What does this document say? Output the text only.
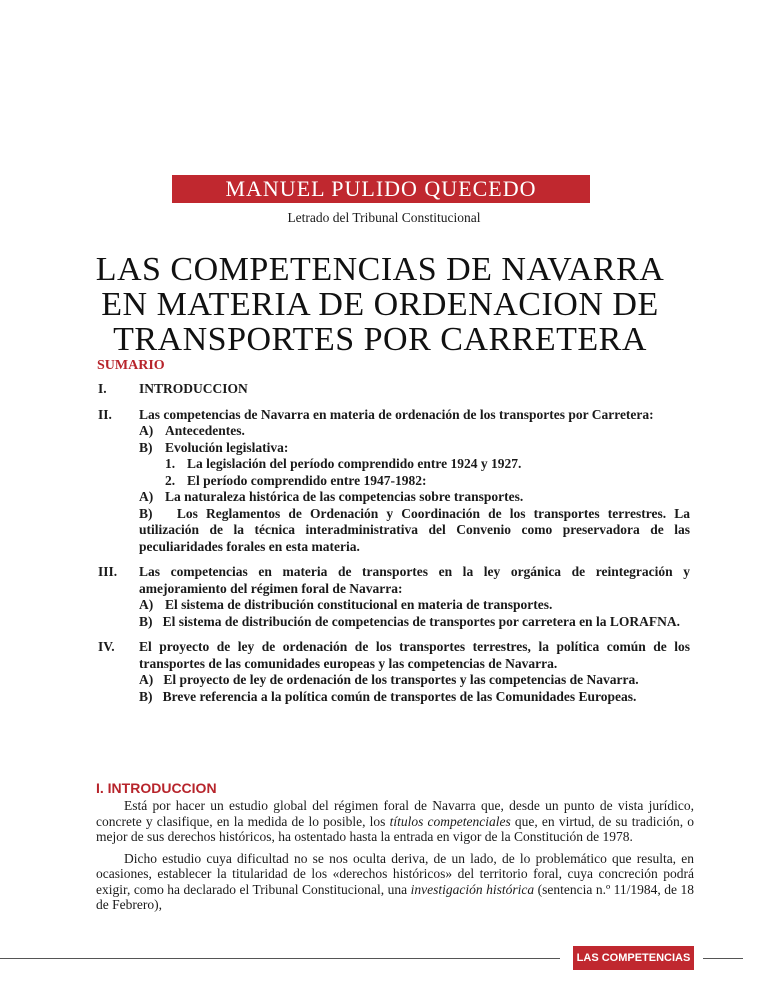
MANUEL PULIDO QUECEDO
Letrado del Tribunal Constitucional
LAS COMPETENCIAS DE NAVARRA
EN MATERIA DE ORDENACION DE
TRANSPORTES POR CARRETERA
SUMARIO
I.	INTRODUCCION
II.	Las competencias de Navarra en materia de ordenación de los transportes por Carretera:
A) Antecedentes.
B) Evolución legislativa:
1. La legislación del período comprendido entre 1924 y 1927.
2. El período comprendido entre 1947-1982:
A) La naturaleza histórica de las competencias sobre transportes.
B) Los Reglamentos de Ordenación y Coordinación de los transportes terrestres. La utilización de la técnica interadministrativa del Convenio como preservadora de las peculiaridades forales en esta materia.
III.	Las competencias en materia de transportes en la ley orgánica de reintegración y amejoramiento del régimen foral de Navarra:
A) El sistema de distribución constitucional en materia de transportes.
B) El sistema de distribución de competencias de transportes por carretera en la LORAFNA.
IV.	El proyecto de ley de ordenación de los transportes terrestres, la política común de los transportes de las comunidades europeas y las competencias de Navarra.
A) El proyecto de ley de ordenación de los transportes y las competencias de Navarra.
B) Breve referencia a la política común de transportes de las Comunidades Europeas.
I. INTRODUCCION

Está por hacer un estudio global del régimen foral de Navarra que, desde un punto de vista jurídico, concrete y clasifique, en la medida de lo posible, los títulos competenciales que, en virtud, de su tradición, o mejor de sus derechos históricos, ha ostentado hasta la entrada en vigor de la Constitución de 1978.

Dicho estudio cuya dificultad no se nos oculta deriva, de un lado, de lo problemático que resulta, en ocasiones, establecer la titularidad de los «derechos históricos» del territorio foral, cuya concreción podrá exigir, como ha declarado el Tribunal Constitucional, una investigación histórica (sentencia n.º 11/1984, de 18 de Febrero),

LAS COMPETENCIAS ...
